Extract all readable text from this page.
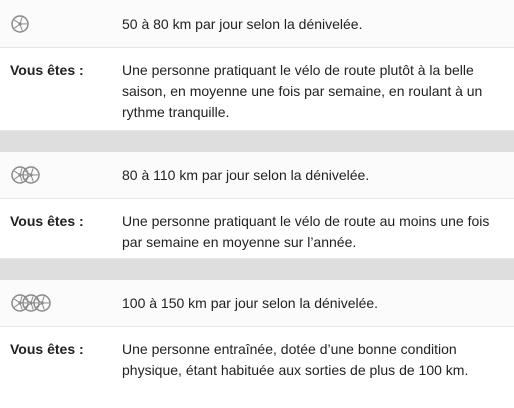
50 à 80 km par jour selon la dénivelée.
Vous êtes :	Une personne pratiquant le vélo de route plutôt à la belle saison, en moyenne une fois par semaine, en roulant à un rythme tranquille.
80 à 110 km par jour selon la dénivelée.
Vous êtes :	Une personne pratiquant le vélo de route au moins une fois par semaine en moyenne sur l’année.
100 à 150 km par jour selon la dénivelée.
Vous êtes :	Une personne entraînée, dotée d’une bonne condition physique, étant habituée aux sorties de plus de 100 km.
